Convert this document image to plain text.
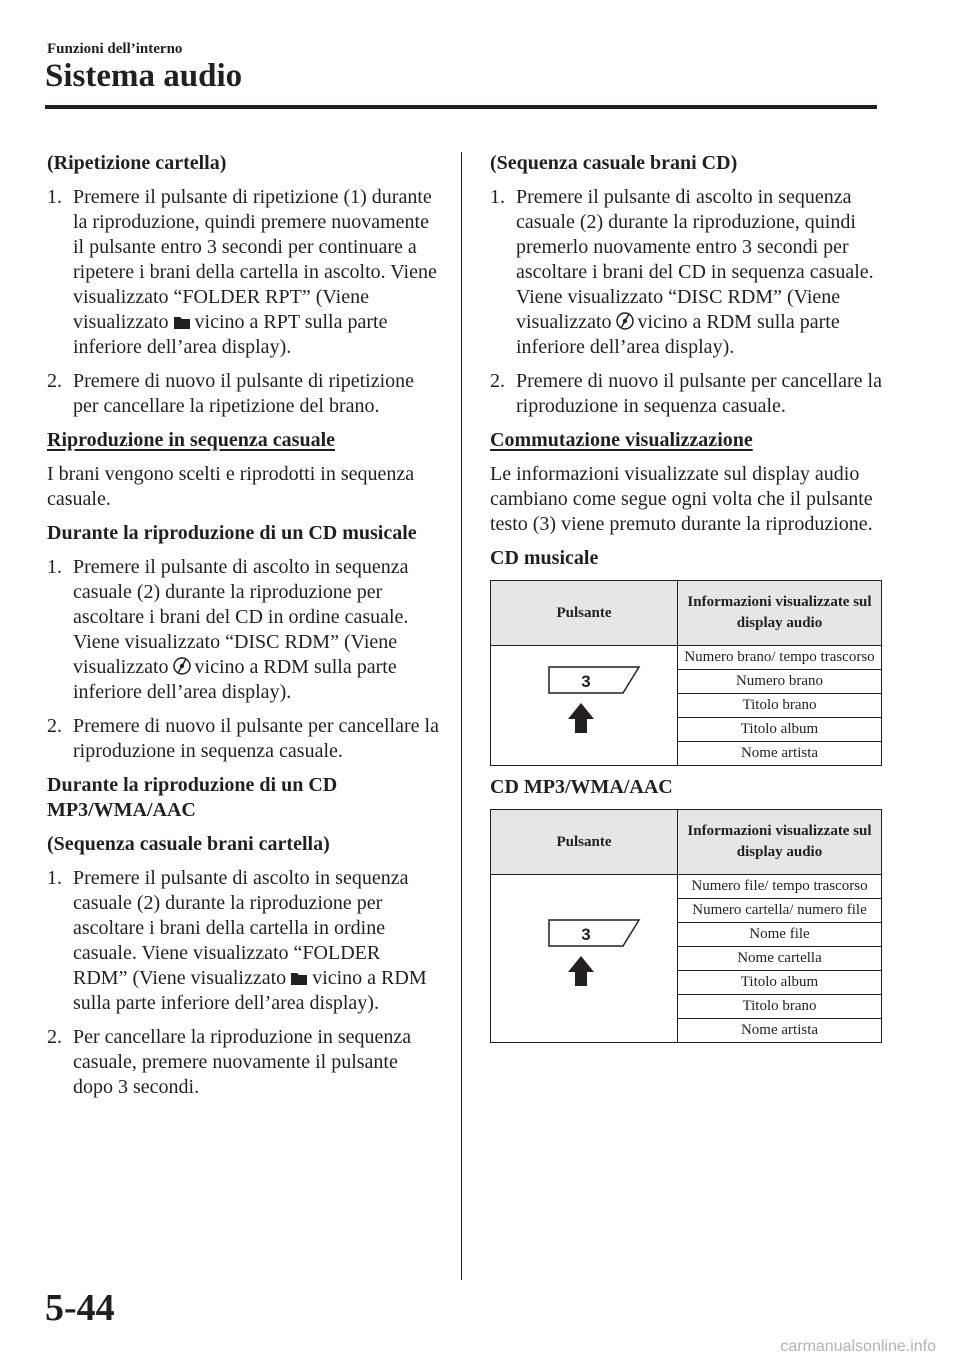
Funzioni dell’interno
Sistema audio

(Ripetizione cartella)

1. Premere il pulsante di ripetizione (1) durante la riproduzione, quindi premere nuovamente il pulsante entro 3 secondi per continuare a ripetere i brani della cartella in ascolto. Viene visualizzato “FOLDER RPT” (Viene visualizzato vicino a RPT sulla parte inferiore dell’area display).
2. Premere di nuovo il pulsante di ripetizione per cancellare la ripetizione del brano.

Riproduzione in sequenza casuale

I brani vengono scelti e riprodotti in sequenza casuale.

Durante la riproduzione di un CD musicale

1. Premere il pulsante di ascolto in sequenza casuale (2) durante la riproduzione per ascoltare i brani del CD in ordine casuale. Viene visualizzato “DISC RDM” (Viene visualizzato vicino a RDM sulla parte inferiore dell’area display).
2. Premere di nuovo il pulsante per cancellare la riproduzione in sequenza casuale.

Durante la riproduzione di un CD MP3/WMA/AAC

(Sequenza casuale brani cartella)

1. Premere il pulsante di ascolto in sequenza casuale (2) durante la riproduzione per ascoltare i brani della cartella in ordine casuale. Viene visualizzato “FOLDER RDM” (Viene visualizzato vicino a RDM sulla parte inferiore dell’area display).
2. Per cancellare la riproduzione in sequenza casuale, premere nuovamente il pulsante dopo 3 secondi.

(Sequenza casuale brani CD)

1. Premere il pulsante di ascolto in sequenza casuale (2) durante la riproduzione, quindi premerlo nuovamente entro 3 secondi per ascoltare i brani del CD in sequenza casuale. Viene visualizzato “DISC RDM” (Viene visualizzato vicino a RDM sulla parte inferiore dell’area display).
2. Premere di nuovo il pulsante per cancellare la riproduzione in sequenza casuale.

Commutazione visualizzazione

Le informazioni visualizzate sul display audio cambiano come segue ogni volta che il pulsante testo (3) viene premuto durante la riproduzione.

CD musicale

Pulsante	Informazioni visualizzate sul display audio

3	Numero brano/ tempo trascorso
	Numero brano
	Titolo brano
	Titolo album
	Nome artista

CD MP3/WMA/AAC

Pulsante	Informazioni visualizzate sul display audio

3	Numero file/ tempo trascorso
	Numero cartella/ numero file
	Nome file
	Nome cartella
	Titolo album
	Titolo brano
	Nome artista
5-44
carmanualsonline.info
